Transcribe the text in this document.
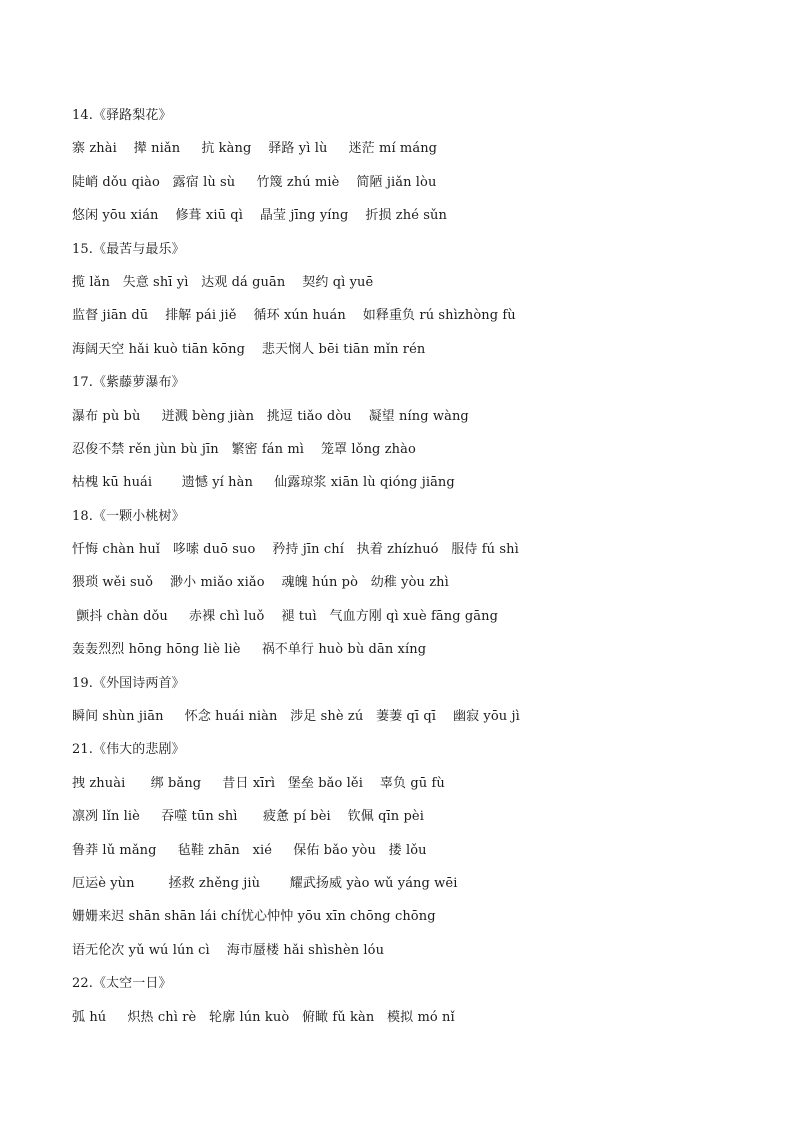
14.《驿路梨花》
寨 zhài    撵 niǎn     抗 kàng    驿路 yì lù     迷茫 mí máng
陡峭 dǒu qiào   露宿 lù sù     竹篾 zhú miè    简陋 jiǎn lòu
悠闲 yōu xián    修葺 xiū qì    晶莹 jīng yíng    折损 zhé sǔn
15.《最苦与最乐》
揽 lǎn   失意 shī yì   达观 dá guān    契约 qì yuē
监督 jiān dū    排解 pái jiě    循环 xún huán    如释重负 rú shìzhòng fù
海阔天空 hǎi kuò tiān kōng    悲天悯人 bēi tiān mǐn rén
17.《紫藤萝瀑布》
瀑布 pù bù     迸溅 bèng jiàn   挑逗 tiǎo dòu    凝望 níng wàng
忍俊不禁 rěn jùn bù jīn   繁密 fán mì    笼罩 lǒng zhào
枯槐 kū huái       遗憾 yí hàn     仙露琼浆 xiān lù qióng jiāng
18.《一颗小桃树》
忏悔 chàn huǐ   哆嗦 duō suo    矜持 jīn chí   执着 zhízhuó   服侍 fú shì
猥琐 wěi suǒ    渺小 miǎo xiǎo    魂魄 hún pò   幼稚 yòu zhì
颤抖 chàn dǒu     赤裸 chì luǒ    褪 tuì   气血方刚 qì xuè fāng gāng
轰轰烈烈 hōng hōng liè liè     祸不单行 huò bù dān xíng
19.《外国诗两首》
瞬间 shùn jiān     怀念 huái niàn   涉足 shè zú   萋萋 qī qī    幽寂 yōu jì
21.《伟大的悲剧》
拽 zhuài      绑 bǎng     昔日 xīrì   堡垒 bǎo lěi    辜负 gū fù
凛冽 lǐn liè     吞噬 tūn shì      疲惫 pí bèi    钦佩 qīn pèi
鲁莽 lǔ mǎng     毡鞋 zhān   xié     保佑 bǎo yòu   搂 lǒu
厄运è yùn        拯救 zhěng jiù       耀武扬威 yào wǔ yáng wēi
姗姗来迟 shān shān lái chí忧心忡忡 yōu xīn chōng chōng
语无伦次 yǔ wú lún cì    海市蜃楼 hǎi shìshèn lóu
22.《太空一日》
弧 hú     炽热 chì rè   轮廓 lún kuò   俯瞰 fǔ kàn   模拟 mó nǐ
